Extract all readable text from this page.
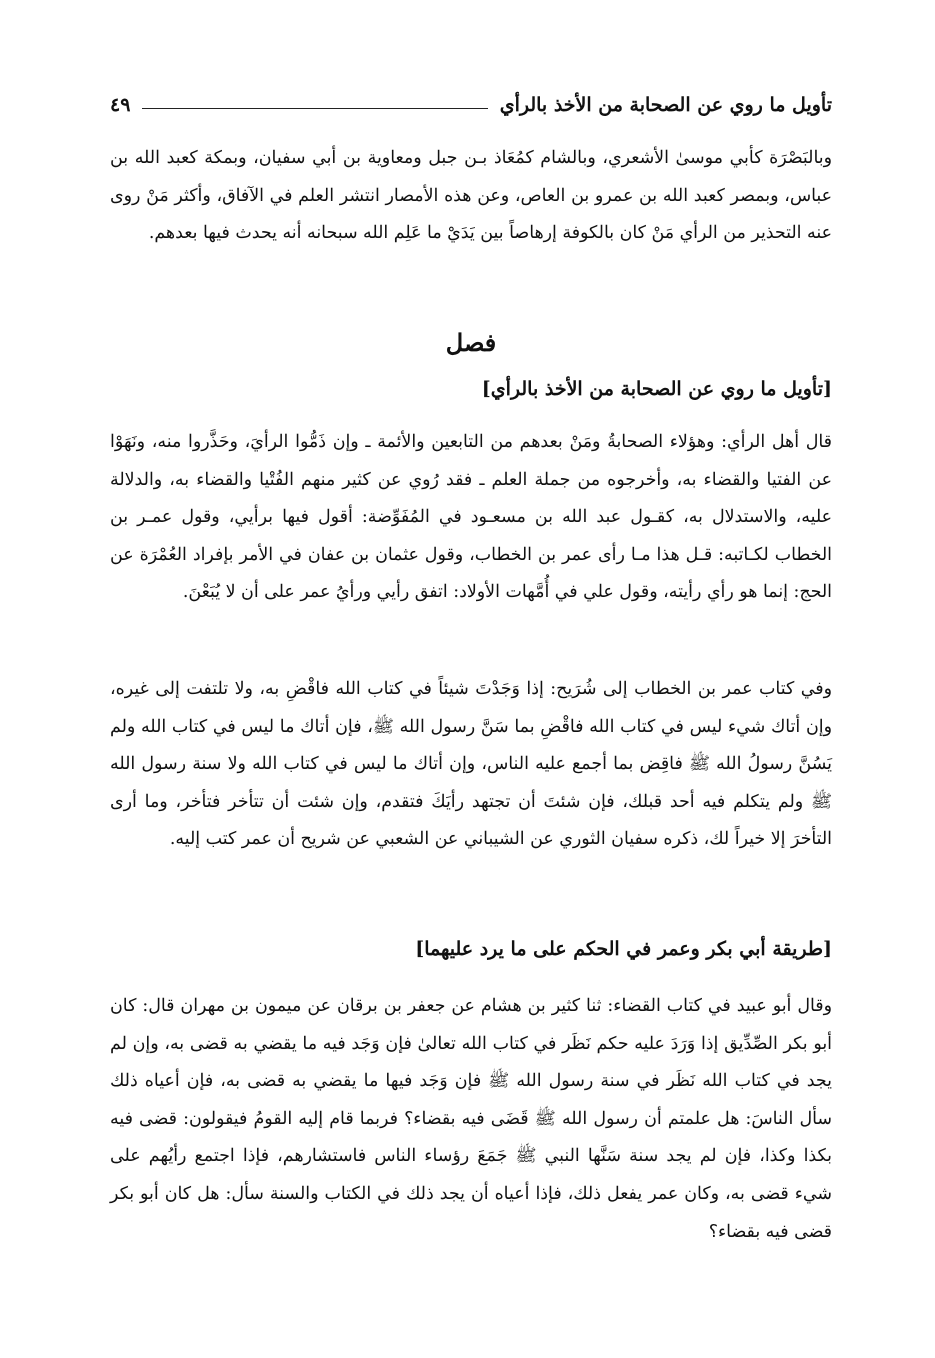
تأويل ما روي عن الصحابة من الأخذ بالرأي
٤٩

وبالبَصْرَة كأبي موسىٰ الأشعري، وبالشام كمُعَاذ بـن جبل ومعاوية بن أبي سفيان، وبمكة كعبد الله بن عباس، وبمصر كعبد الله بن عمرو بن العاص، وعن هذه الأمصار انتشر العلم في الآفاق، وأكثر مَنْ روى عنه التحذير من الرأي مَنْ كان بالكوفة إرهاصاً بين يَدَيْ ما عَلِم الله سبحانه أنه يحدث فيها بعدهم.

فصل
[تأويل ما روي عن الصحابة من الأخذ بالرأي]

قال أهل الرأي: وهؤلاء الصحابةُ ومَنْ بعدهم من التابعين والأئمة ـ وإن ذَمُّوا الرأيَ، وحَذَّروا منه، ونَهَوْا عن الفتيا والقضاء به، وأخرجوه من جملة العلم ـ فقد رُوي عن كثير منهم الفُتْيا والقضاء به، والدلالة عليه، والاستدلال به، كقـول عبد الله بن مسعـود في المُفَوِّضة: أقول فيها برأيي، وقول عمـر بن الخطاب لكـاتبه: قـل هذا مـا رأى عمر بن الخطاب، وقول عثمان بن عفان في الأمر بإفراد العُمْرَة عن الحج: إنما هو رأي رأيته، وقول علي في أُمَّهات الأولاد: اتفق رأيي ورأيُ عمر على أن لا يُبَعْنَ.

وفي كتاب عمر بن الخطاب إلى شُرَيح: إذا وَجَدْتَ شيئاً في كتاب الله فاقْضِ به، ولا تلتفت إلى غيره، وإن أتاك شيء ليس في كتاب الله فاقْضِ بما سَنَّ رسول الله ﷺ، فإن أتاك ما ليس في كتاب الله ولم يَسُنَّ رسولُ الله ﷺ فاقِض بما أجمع عليه الناس، وإن أتاك ما ليس في كتاب الله ولا سنة رسول الله ﷺ ولم يتكلم فيه أحد قبلك، فإن شئتَ أن تجتهد رأيَكَ فتقدم، وإن شئت أن تتأخر فتأخر، وما أرى التأخرَ إلا خيراً لك، ذكره سفيان الثوري عن الشيباني عن الشعبي عن شريح أن عمر كتب إليه.

[طريقة أبي بكر وعمر في الحكم على ما يرد عليهما]

وقال أبو عبيد في كتاب القضاء: ثنا كثير بن هشام عن جعفر بن برقان عن ميمون بن مهران قال: كان أبو بكر الصِّدِّيق إذا وَرَدَ عليه حكم نَظَر في كتاب الله تعالىٰ فإن وَجَد فيه ما يقضي به قضى به، وإن لم يجد في كتاب الله نَظَر في سنة رسول الله ﷺ فإن وَجَد فيها ما يقضي به قضى به، فإن أعياه ذلك سأل الناسَ: هل علمتم أن رسول الله ﷺ قَضَى فيه بقضاء؟ فربما قام إليه القومُ فيقولون: قضى فيه بكذا وكذا، فإن لم يجد سنة سَنَّها النبي ﷺ جَمَعَ رؤساء الناس فاستشارهم، فإذا اجتمع رأيُهم على شيء قضى به، وكان عمر يفعل ذلك، فإذا أعياه أن يجد ذلك في الكتاب والسنة سأل: هل كان أبو بكر قضى فيه بقضاء؟
